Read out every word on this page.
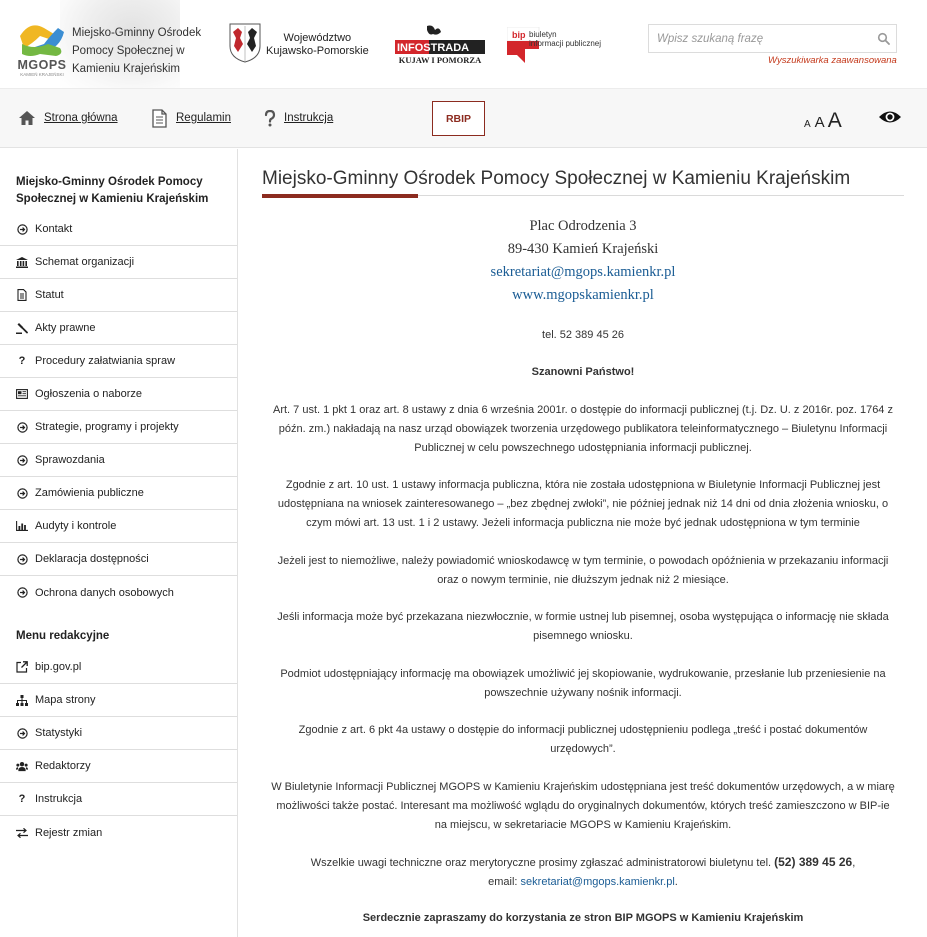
MGOPS
KAMIEŃ KRAJEŃSKI
Miejsko-Gminny Ośrodek Pomocy Społecznej w Kamieniu Krajeńskim
Województwo
Kujawsko-Pomorskie	INFOSTRADA
KUJAW I POMORZA
bip biuletyn
informacji publicznej
Wpisz szukaną frazę
Wyszukiwarka zaawansowana
Strona główna	Regulamin	Instrukcja	RBIP	A A A
Miejsko-Gminny Ośrodek Pomocy Społecznej w Kamieniu Krajeńskim
Kontakt
Schemat organizacji
Statut
Akty prawne
? Procedury załatwiania spraw
Ogłoszenia o naborze
Strategie, programy i projekty
Sprawozdania
Zamówienia publiczne
Audyty i kontrole
Deklaracja dostępności
Ochrona danych osobowych
Menu redakcyjne
bip.gov.pl
Mapa strony
Statystyki
Redaktorzy
? Instrukcja
Rejestr zmian
Miejsko-Gminny Ośrodek Pomocy Społecznej w Kamieniu Krajeńskim
Plac Odrodzenia 3
89-430 Kamień Krajeński
sekretariat@mgops.kamienkr.pl
www.mgopskamienkr.pl
tel. 52 389 45 26
Szanowni Państwo!
Art. 7 ust. 1 pkt 1 oraz art. 8 ustawy z dnia 6 września 2001r. o dostępie do informacji publicznej (t.j. Dz. U. z 2016r. poz. 1764 z
późn. zm.) nakładają na nasz urząd obowiązek tworzenia urzędowego publikatora teleinformatycznego – Biuletynu Informacji
Publicznej w celu powszechnego udostępniania informacji publicznej.
Zgodnie z art. 10 ust. 1 ustawy informacja publiczna, która nie została udostępniona w Biuletynie Informacji Publicznej jest
udostępniana na wniosek zainteresowanego – „bez zbędnej zwłoki”, nie później jednak niż 14 dni od dnia złożenia wniosku, o
czym mówi art. 13 ust. 1 i 2 ustawy. Jeżeli informacja publiczna nie może być jednak udostępniona w tym terminie
Jeżeli jest to niemożliwe, należy powiadomić wnioskodawcę w tym terminie, o powodach opóźnienia w przekazaniu informacji
oraz o nowym terminie, nie dłuższym jednak niż 2 miesiące.
Jeśli informacja może być przekazana niezwłocznie, w formie ustnej lub pisemnej, osoba występująca o informację nie składa
pisemnego wniosku.
Podmiot udostępniający informację ma obowiązek umożliwić jej skopiowanie, wydrukowanie, przesłanie lub przeniesienie na
powszechnie używany nośnik informacji.
Zgodnie z art. 6 pkt 4a ustawy o dostępie do informacji publicznej udostępnieniu podlega „treść i postać dokumentów
urzędowych”.
W Biuletynie Informacji Publicznej MGOPS w Kamieniu Krajeńskim udostępniana jest treść dokumentów urzędowych, a w miarę
możliwości także postać. Interesant ma możliwość wglądu do oryginalnych dokumentów, których treść zamieszczono w BIP-ie
na miejscu, w sekretariacie MGOPS w Kamieniu Krajeńskim.
Wszelkie uwagi techniczne oraz merytoryczne prosimy zgłaszać administratorowi biuletynu tel. (52) 389 45 26,
email: sekretariat@mgops.kamienkr.pl.
Serdecznie zapraszamy do korzystania ze stron BIP MGOPS w Kamieniu Krajeńskim
